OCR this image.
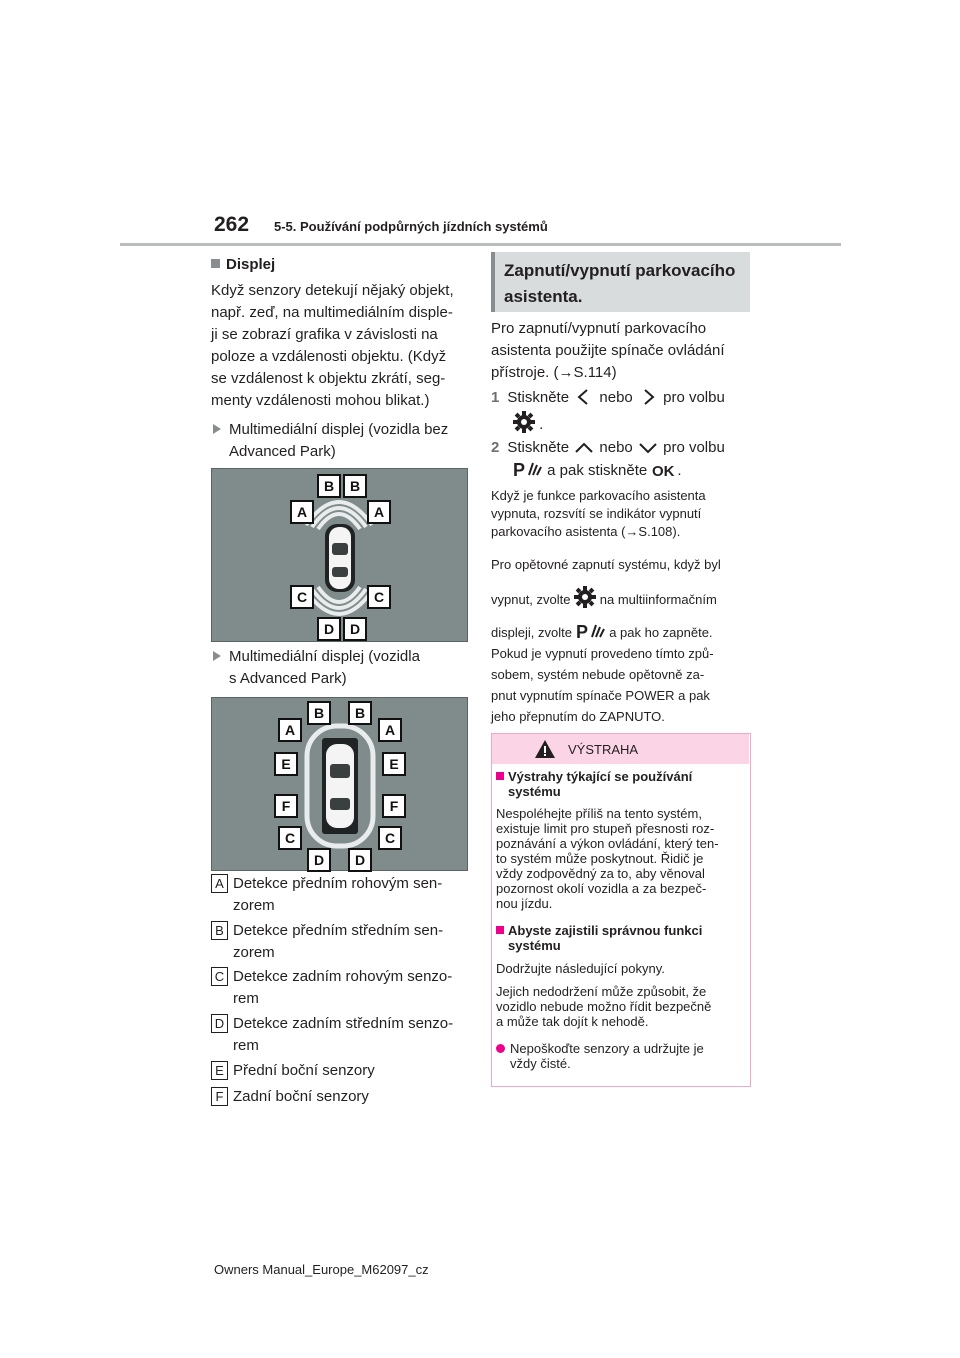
262 5-5. Používání podpůrných jízdních systémů
Displej
Když senzory detekují nějaký objekt,
např. zeď, na multimediálním disple-
ji se zobrazí grafika v závislosti na
poloze a vzdálenosti objektu. (Když
se vzdálenost k objektu zkrátí, seg-
menty vzdálenosti mohou blikat.)
Multimediální displej (vozidla bez
Advanced Park)
B	B
A	A
C	C
D	D
Multimediální displej (vozidla
s Advanced Park)
B	B
A	A
E	E
F	F
C	C
D	D
A Detekce předním rohovým sen-
zorem
B Detekce předním středním sen-
zorem
C Detekce zadním rohovým senzo-
rem
D Detekce zadním středním senzo-
rem
E Přední boční senzory
F Zadní boční senzory
Zapnutí/vypnutí parkovacího
asistenta.
Pro zapnutí/vypnutí parkovacího
asistenta použijte spínače ovládání
přístroje. (→S.114)
1 Stiskněte nebo pro volbu
.
2 Stiskněte nebo pro volbu
P a pak stiskněte OK .
Když je funkce parkovacího asistenta
vypnuta, rozsvítí se indikátor vypnutí
parkovacího asistenta (→S.108).
Pro opětovné zapnutí systému, když byl
vypnut, zvolte na multiinformačním
displeji, zvolte P a pak ho zapněte.
Pokud je vypnutí provedeno tímto způ-
sobem, systém nebude opětovně za-
pnut vypnutím spínače POWER a pak
jeho přepnutím do ZAPNUTO.
VÝSTRAHA
Výstrahy týkající se používání
systému
Nespoléhejte příliš na tento systém,
existuje limit pro stupeň přesnosti roz-
poznávání a výkon ovládání, který ten-
to systém může poskytnout. Řidič je
vždy zodpovědný za to, aby věnoval
pozornost okolí vozidla a za bezpeč-
nou jízdu.
Abyste zajistili správnou funkci
systému
Dodržujte následující pokyny.
Jejich nedodržení může způsobit, že
vozidlo nebude možno řídit bezpečně
a může tak dojít k nehodě.
Nepoškoďte senzory a udržujte je
vždy čisté.
Owners Manual_Europe_M62097_cz
